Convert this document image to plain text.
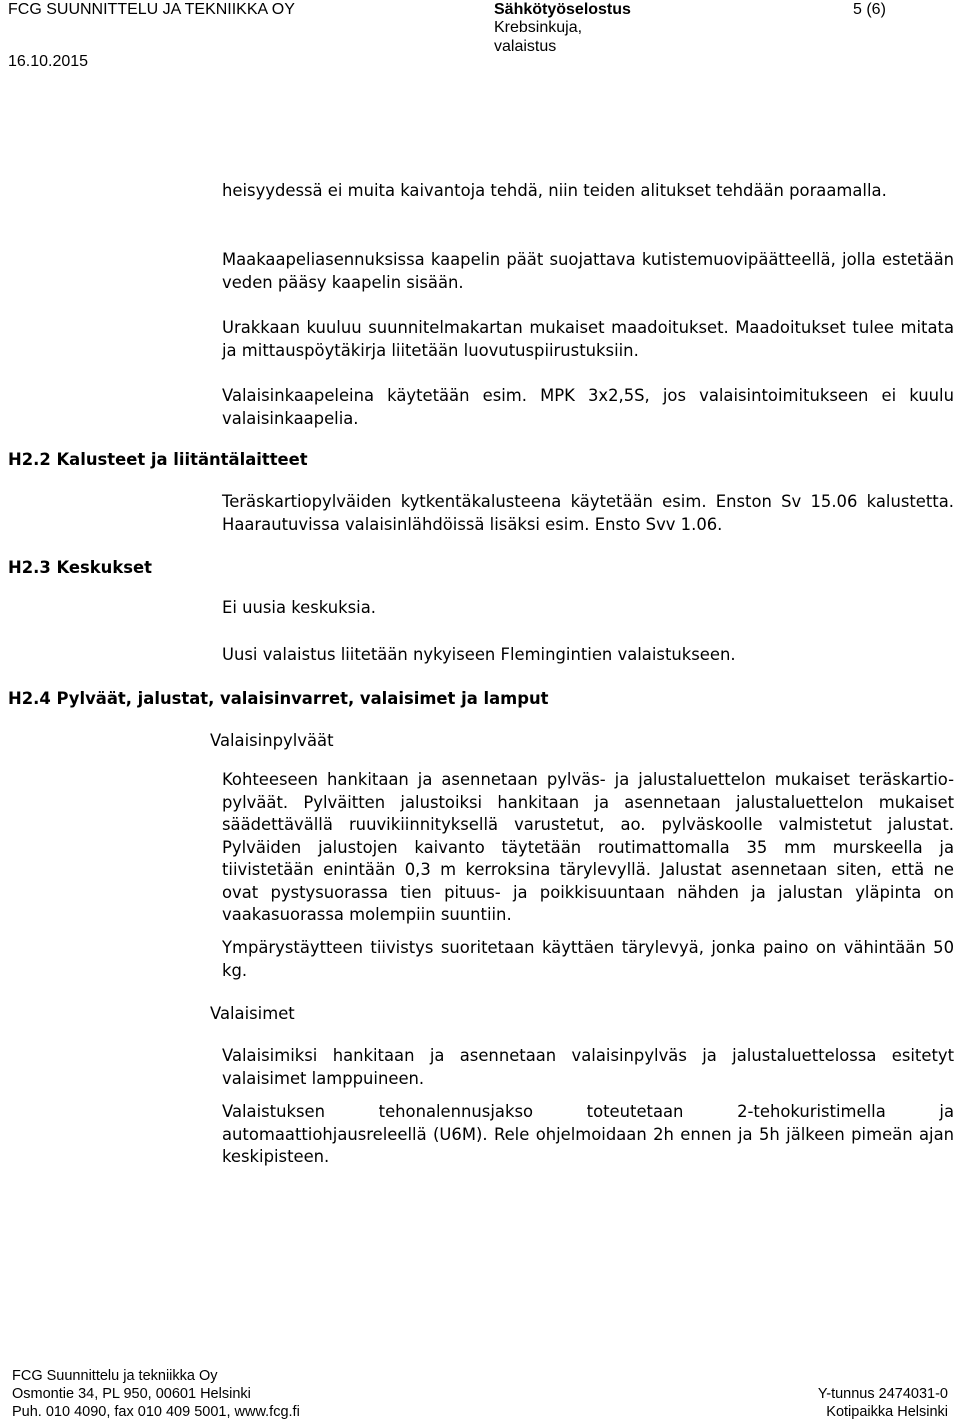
FCG SUUNNITTELU JA TEKNIIKKA OY
16.10.2015
Sähkötyöselostus
Krebsinkuja,
valaistus
5 (6)

heisyydessä ei muita kaivantoja tehdä, niin teiden alitukset tehdään poraamalla.

Maakaapeliasennuksissa kaapelin päät suojattava kutistemuovipäätteellä, jolla estetään veden pääsy kaapelin sisään.

Urakkaan kuuluu suunnitelmakartan mukaiset maadoitukset. Maadoitukset tulee mitata ja mittauspöytäkirja liitetään luovutuspiirustuksiin.

Valaisinkaapeleina käytetään esim. MPK 3x2,5S, jos valaisintoimitukseen ei kuulu valaisinkaapelia.

H2.2 Kalusteet ja liitäntälaitteet

Teräskartiopylväiden kytkentäkalusteena käytetään esim. Enston Sv 15.06 kalustetta. Haarautuvissa valaisinlähdöissä lisäksi esim. Ensto Svv 1.06.

H2.3 Keskukset

Ei uusia keskuksia.

Uusi valaistus liitetään nykyiseen Flemingintien valaistukseen.

H2.4 Pylväät, jalustat, valaisinvarret, valaisimet ja lamput

Valaisinpylväät

Kohteeseen hankitaan ja asennetaan pylväs- ja jalustaluettelon mukaiset teräskartio-pylväät. Pylväitten jalustoiksi hankitaan ja asennetaan jalustaluettelon mukaiset säädettävällä ruuvikiinnityksellä varustetut, ao. pylväskoolle valmistetut jalustat. Pylväiden jalustojen kaivanto täytetään routimattomalla 35 mm murskeella ja tiivistetään enintään 0,3 m kerroksina tärylevyllä. Jalustat asennetaan siten, että ne ovat pystysuorassa tien pituus- ja poikkisuuntaan nähden ja jalustan yläpinta on vaakasuorassa molempiin suuntiin.

Ympärystäytteen tiivistys suoritetaan käyttäen tärylevyä, jonka paino on vähintään 50 kg.

Valaisimet

Valaisimiksi hankitaan ja asennetaan valaisinpylväs ja jalustaluettelossa esitetyt valaisimet lamppuineen.

Valaistuksen tehonalennusjakso toteutetaan 2-tehokuristimella ja automaattiohjausreleellä (U6M). Rele ohjelmoidaan 2h ennen ja 5h jälkeen pimeän ajan keskipisteen.

FCG Suunnittelu ja tekniikka Oy
Osmontie 34, PL 950, 00601 Helsinki
Puh. 010 4090, fax 010 409 5001, www.fcg.fi
Y-tunnus 2474031-0
Kotipaikka Helsinki
